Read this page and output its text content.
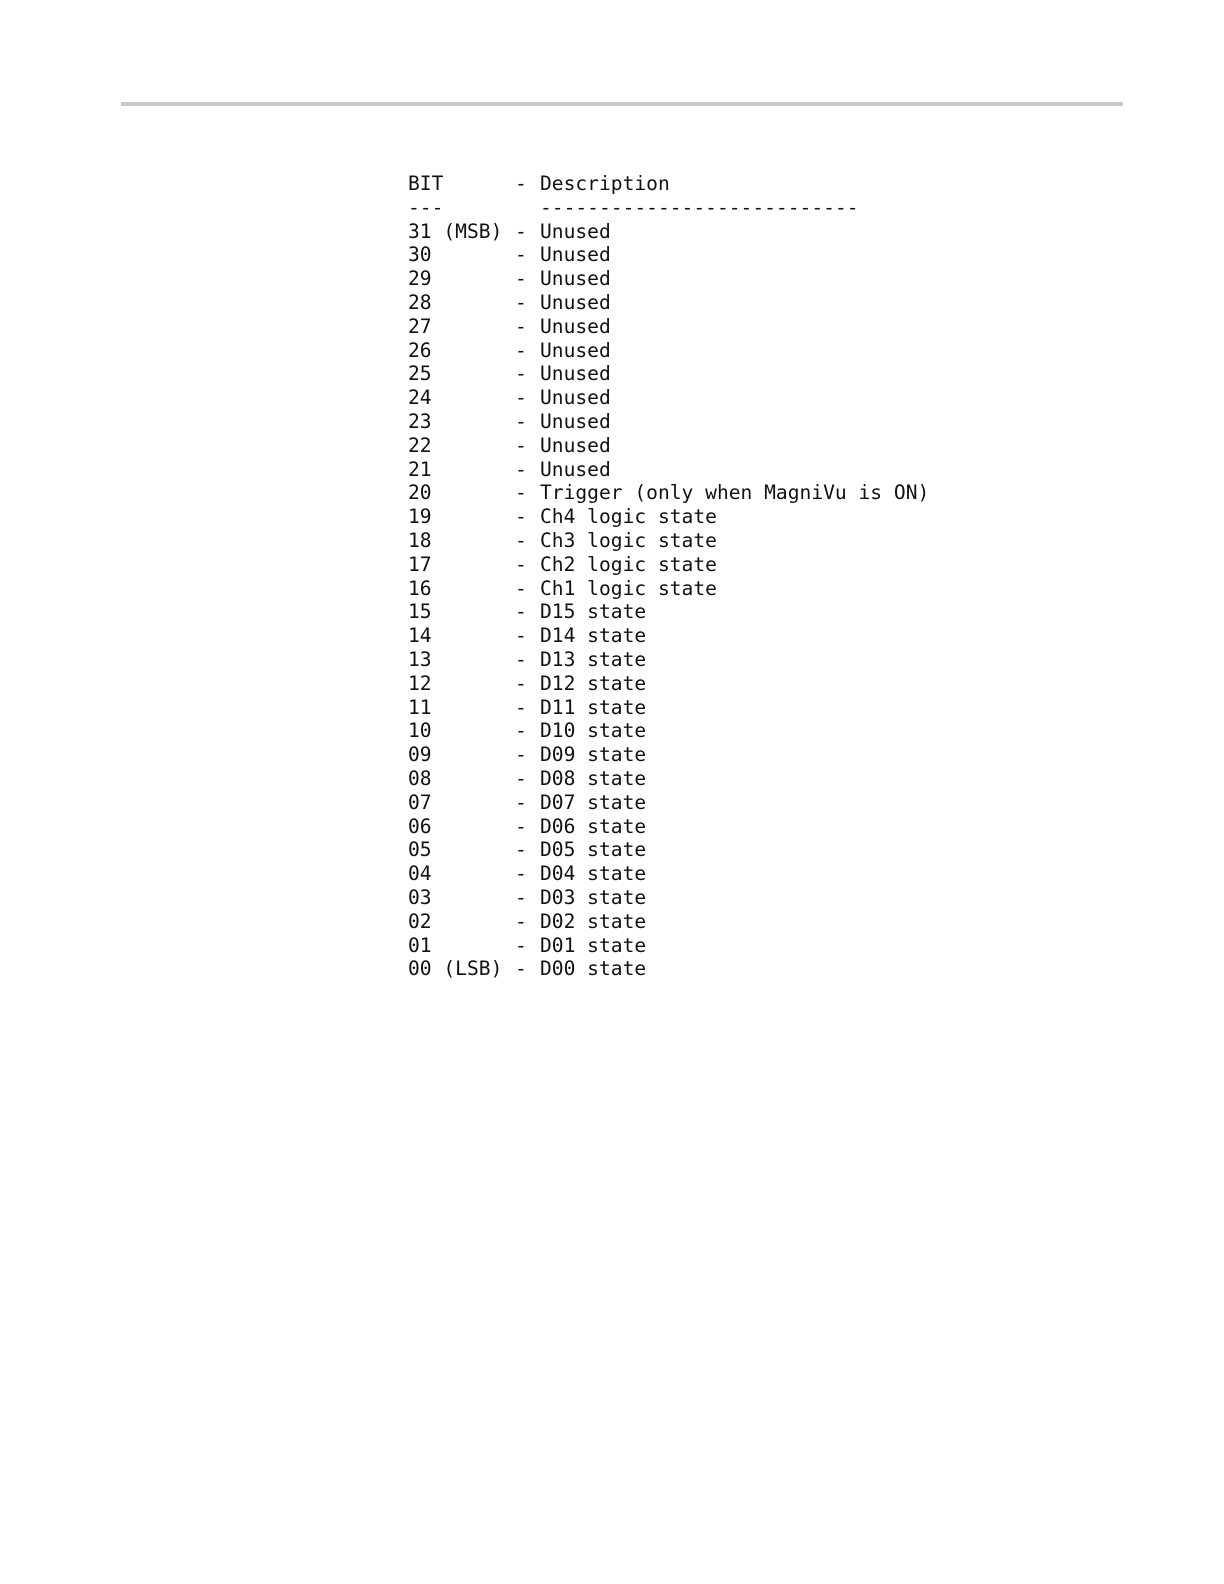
BIT	- Description
---	---------------------------
31 (MSB) - Unused
30	- Unused
29	- Unused
28	- Unused
27	- Unused
26	- Unused
25	- Unused
24	- Unused
23	- Unused
22	- Unused
21	- Unused
20	- Trigger (only when MagniVu is ON)
19	- Ch4 logic state
18	- Ch3 logic state
17	- Ch2 logic state
16	- Ch1 logic state
15	- D15 state
14	- D14 state
13	- D13 state
12	- D12 state
11	- D11 state
10	- D10 state
09	- D09 state
08	- D08 state
07	- D07 state
06	- D06 state
05	- D05 state
04	- D04 state
03	- D03 state
02	- D02 state
01	- D01 state
00 (LSB) - D00 state
